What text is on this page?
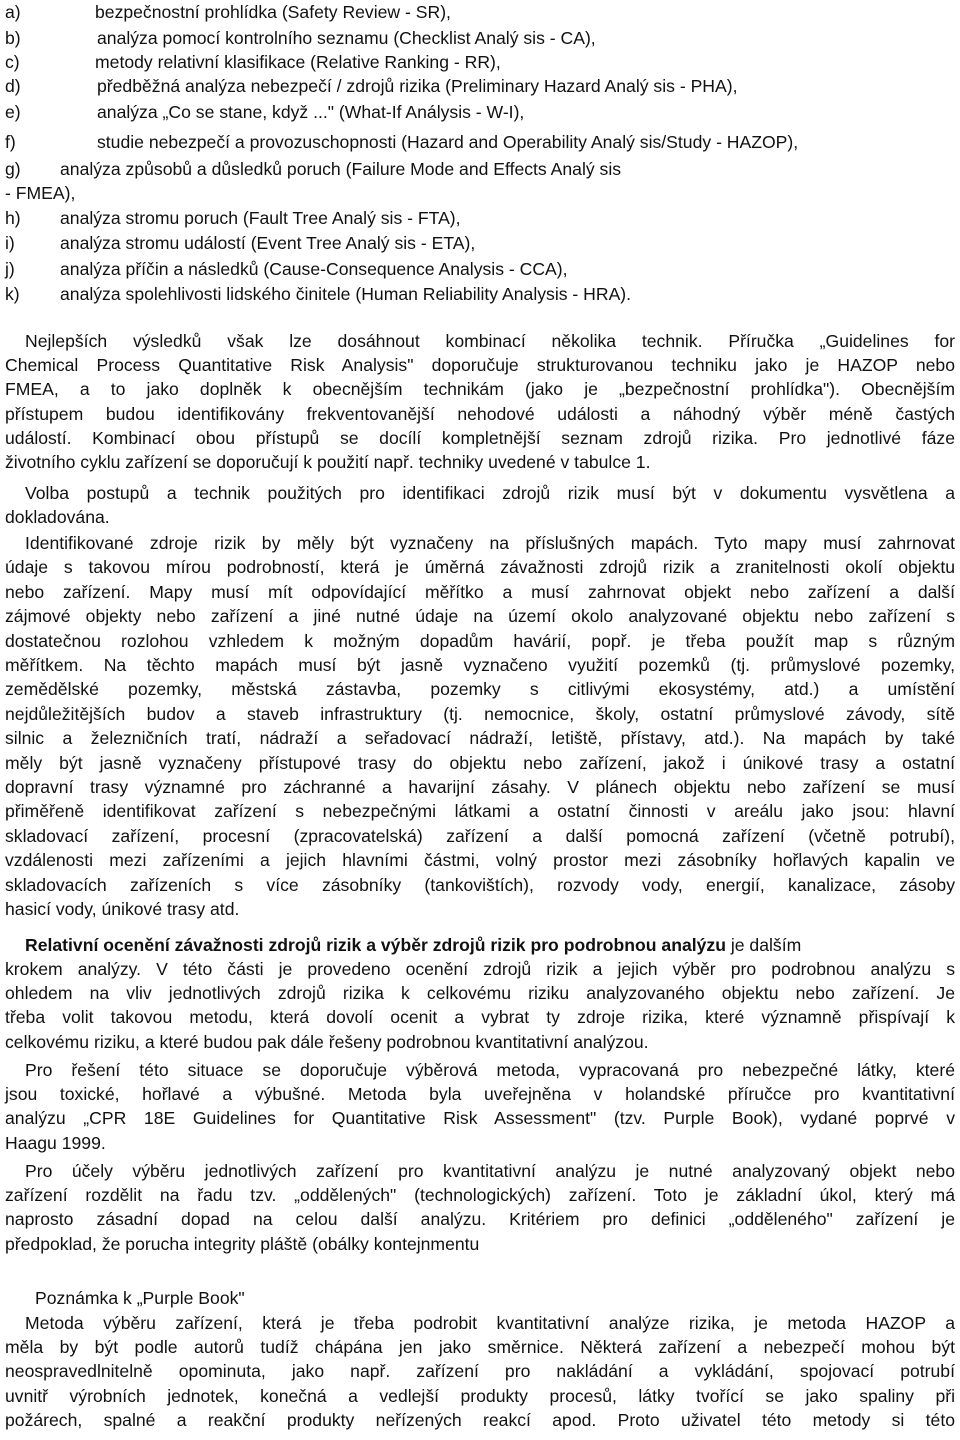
a)	bezpečnostní prohlídka (Safety Review - SR),
b)	analýza pomocí kontrolního seznamu (Checklist Analý sis - CA),
c)	metody relativní klasifikace (Relative Ranking - RR),
d)	předběžná analýza nebezpečí / zdrojů rizika (Preliminary Hazard Analý sis - PHA),
e)	analýza „Co se stane, když ..." (What-If Análysis - W-I),
f)	studie nebezpečí a provozuschopnosti (Hazard and Operability Analý sis/Study - HAZOP),
g) analýza způsobů a důsledků poruch (Failure Mode and Effects Analý sis
- FMEA),
h) analýza stromu poruch (Fault Tree Analý sis - FTA),
i)	analýza stromu událostí (Event Tree Analý sis - ETA),
j)	analýza příčin a následků (Cause-Consequence Analysis - CCA),
k) analýza spolehlivosti lidského činitele (Human Reliability Analysis - HRA).
Nejlepších výsledků však lze dosáhnout kombinací několika technik. Příručka „Guidelines for
Chemical Process Quantitative Risk Analysis" doporučuje strukturovanou techniku jako je HAZOP nebo
FMEA, a to jako doplněk k obecnějším technikám (jako je „bezpečnostní prohlídka"). Obecnějším
přístupem budou identifikovány frekventovanější nehodové události a náhodný výběr méně častých
událostí. Kombinací obou přístupů se docílí kompletnější seznam zdrojů rizika. Pro jednotlivé fáze
životního cyklu zařízení se doporučují k použití např. techniky uvedené v tabulce 1.
Volba postupů a technik použitých pro identifikaci zdrojů rizik musí být v dokumentu vysvětlena a
dokladována.
Identifikované zdroje rizik by měly být vyznačeny na příslušných mapách. Tyto mapy musí zahrnovat
údaje s takovou mírou podrobností, která je úměrná závažnosti zdrojů rizik a zranitelnosti okolí objektu
nebo zařízení. Mapy musí mít odpovídající měřítko a musí zahrnovat objekt nebo zařízení a další
zájmové objekty nebo zařízení a jiné nutné údaje na území okolo analyzované objektu nebo zařízení s
dostatečnou rozlohou vzhledem k možným dopadům havárií, popř. je třeba použít map s různým
měřítkem. Na těchto mapách musí být jasně vyznačeno využití pozemků (tj. průmyslové pozemky,
zemědělské pozemky, městská zástavba, pozemky s citlivými ekosystémy, atd.) a umístění
nejdůležitějších budov a staveb infrastruktury (tj. nemocnice, školy, ostatní průmyslové závody, sítě
silnic a železničních tratí, nádraží a seřadovací nádraží, letiště, přístavy, atd.). Na mapách by také
měly být jasně vyznačeny přístupové trasy do objektu nebo zařízení, jakož i únikové trasy a ostatní
dopravní trasy významné pro záchranné a havarijní zásahy. V plánech objektu nebo zařízení se musí
přiměřeně identifikovat zařízení s nebezpečnými látkami a ostatní činnosti v areálu jako jsou: hlavní
skladovací zařízení, procesní (zpracovatelská) zařízení a další pomocná zařízení (včetně potrubí),
vzdálenosti mezi zařízeními a jejich hlavními částmi, volný prostor mezi zásobníky hořlavých kapalin ve
skladovacích zařízeních s více zásobníky (tankovištích), rozvody vody, energií, kanalizace, zásoby
hasicí vody, únikové trasy atd.
Relativní ocenění závažnosti zdrojů rizik a výběr zdrojů rizik pro podrobnou analýzu je dalším
krokem analýzy. V této části je provedeno ocenění zdrojů rizik a jejich výběr pro podrobnou analýzu s
ohledem na vliv jednotlivých zdrojů rizika k celkovému riziku analyzovaného objektu nebo zařízení. Je
třeba volit takovou metodu, která dovolí ocenit a vybrat ty zdroje rizika, které významně přispívají k
celkovému riziku, a které budou pak dále řešeny podrobnou kvantitativní analýzou.
Pro řešení této situace se doporučuje výběrová metoda, vypracovaná pro nebezpečné látky, které
jsou toxické, hořlavé a výbušné. Metoda byla uveřejněna v holandské příručce pro kvantitativní
analýzu „CPR 18E Guidelines for Quantitative Risk Assessment" (tzv. Purple Book), vydané poprvé v
Haagu 1999.
Pro účely výběru jednotlivých zařízení pro kvantitativní analýzu je nutné analyzovaný objekt nebo
zařízení rozdělit na řadu tzv. „oddělených" (technologických) zařízení. Toto je základní úkol, který má
naprosto zásadní dopad na celou další analýzu. Kritériem pro definici „odděleného" zařízení je
předpoklad, že porucha integrity pláště (obálky kontejnmentu
Poznámka k „Purple Book"
Metoda výběru zařízení, která je třeba podrobit kvantitativní analýze rizika, je metoda HAZOP a
měla by být podle autorů tudíž chápána jen jako směrnice. Některá zařízení a nebezpečí mohou být
neospravedlnitelně opominuta, jako např. zařízení pro nakládání a vykládání, spojovací potrubí
uvnitř výrobních jednotek, konečná a vedlejší produkty procesů, látky tvořící se jako spaliny při
požárech, spalné a reakční produkty neřízených reakcí apod. Proto uživatel této metody si této
